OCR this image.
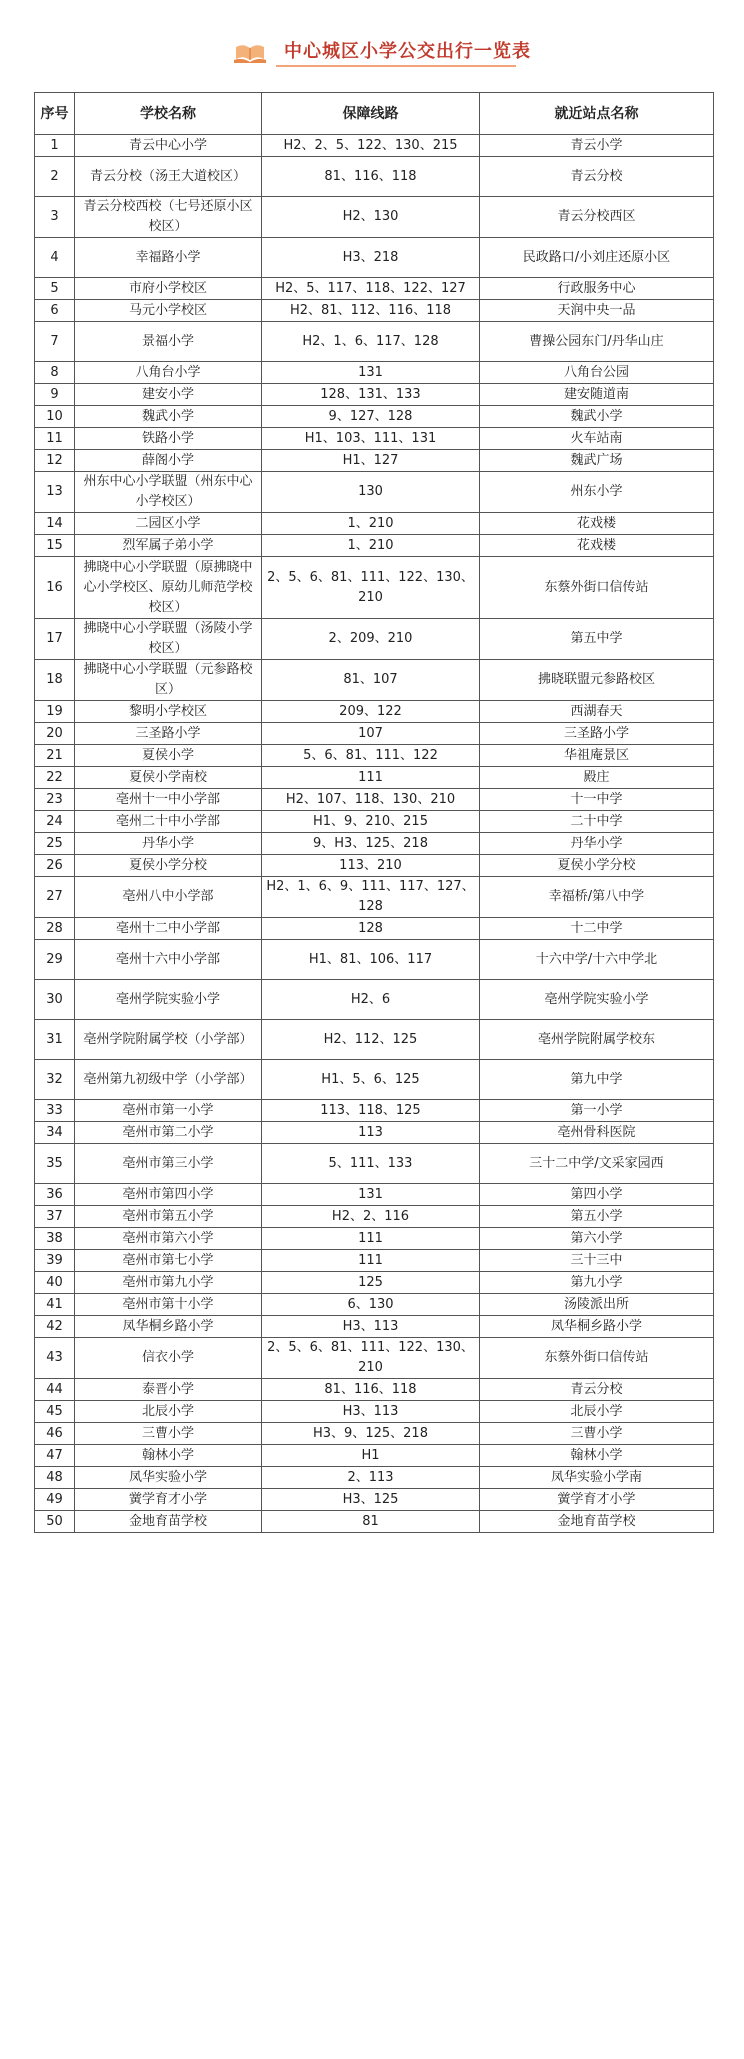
中心城区小学公交出行一览表
序号	学校名称	保障线路	就近站点名称
1	青云中心小学	H2、2、5、122、130、215	青云小学
2	青云分校（汤王大道校区）	81、116、118	青云分校
3	青云分校西校（七号还原小区校区）	H2、130	青云分校西区
4	幸福路小学	H3、218	民政路口/小刘庄还原小区
5	市府小学校区	H2、5、117、118、122、127	行政服务中心
6	马元小学校区	H2、81、112、116、118	天润中央一品
7	景福小学	H2、1、6、117、128	曹操公园东门/丹华山庄
8	八角台小学	131	八角台公园
9	建安小学	128、131、133	建安随道南
10	魏武小学	9、127、128	魏武小学
11	铁路小学	H1、103、111、131	火车站南
12	薛阁小学	H1、127	魏武广场
13	州东中心小学联盟（州东中心小学校区）	130	州东小学
14	二园区小学	1、210	花戏楼
15	烈军属子弟小学	1、210	花戏楼
16	拂晓中心小学联盟（原拂晓中心小学校区、原幼儿师范学校校区）	2、5、6、81、111、122、130、210	东蔡外街口信传站
17	拂晓中心小学联盟（汤陵小学校区）	2、209、210	第五中学
18	拂晓中心小学联盟（元参路校区）	81、107	拂晓联盟元参路校区
19	黎明小学校区	209、122	西湖春天
20	三圣路小学	107	三圣路小学
21	夏侯小学	5、6、81、111、122	华祖庵景区
22	夏侯小学南校	111	殿庄
23	亳州十一中小学部	H2、107、118、130、210	十一中学
24	亳州二十中小学部	H1、9、210、215	二十中学
25	丹华小学	9、H3、125、218	丹华小学
26	夏侯小学分校	113、210	夏侯小学分校
27	亳州八中小学部	H2、1、6、9、111、117、127、128	幸福桥/第八中学
28	亳州十二中小学部	128	十二中学
29	亳州十六中小学部	H1、81、106、117	十六中学/十六中学北
30	亳州学院实验小学	H2、6	亳州学院实验小学
31	亳州学院附属学校（小学部）	H2、112、125	亳州学院附属学校东
32	亳州第九初级中学（小学部）	H1、5、6、125	第九中学
33	亳州市第一小学	113、118、125	第一小学
34	亳州市第二小学	113	亳州骨科医院
35	亳州市第三小学	5、111、133	三十二中学/文采家园西
36	亳州市第四小学	131	第四小学
37	亳州市第五小学	H2、2、116	第五小学
38	亳州市第六小学	111	第六小学
39	亳州市第七小学	111	三十三中
40	亳州市第九小学	125	第九小学
41	亳州市第十小学	6、130	汤陵派出所
42	凤华桐乡路小学	H3、113	凤华桐乡路小学
43	信衣小学	2、5、6、81、111、122、130、210	东蔡外街口信传站
44	泰晋小学	81、116、118	青云分校
45	北辰小学	H3、113	北辰小学
46	三曹小学	H3、9、125、218	三曹小学
47	翰林小学	H1	翰林小学
48	凤华实验小学	2、113	凤华实验小学南
49	黉学育才小学	H3、125	黉学育才小学
50	金地育苗学校	81	金地育苗学校
